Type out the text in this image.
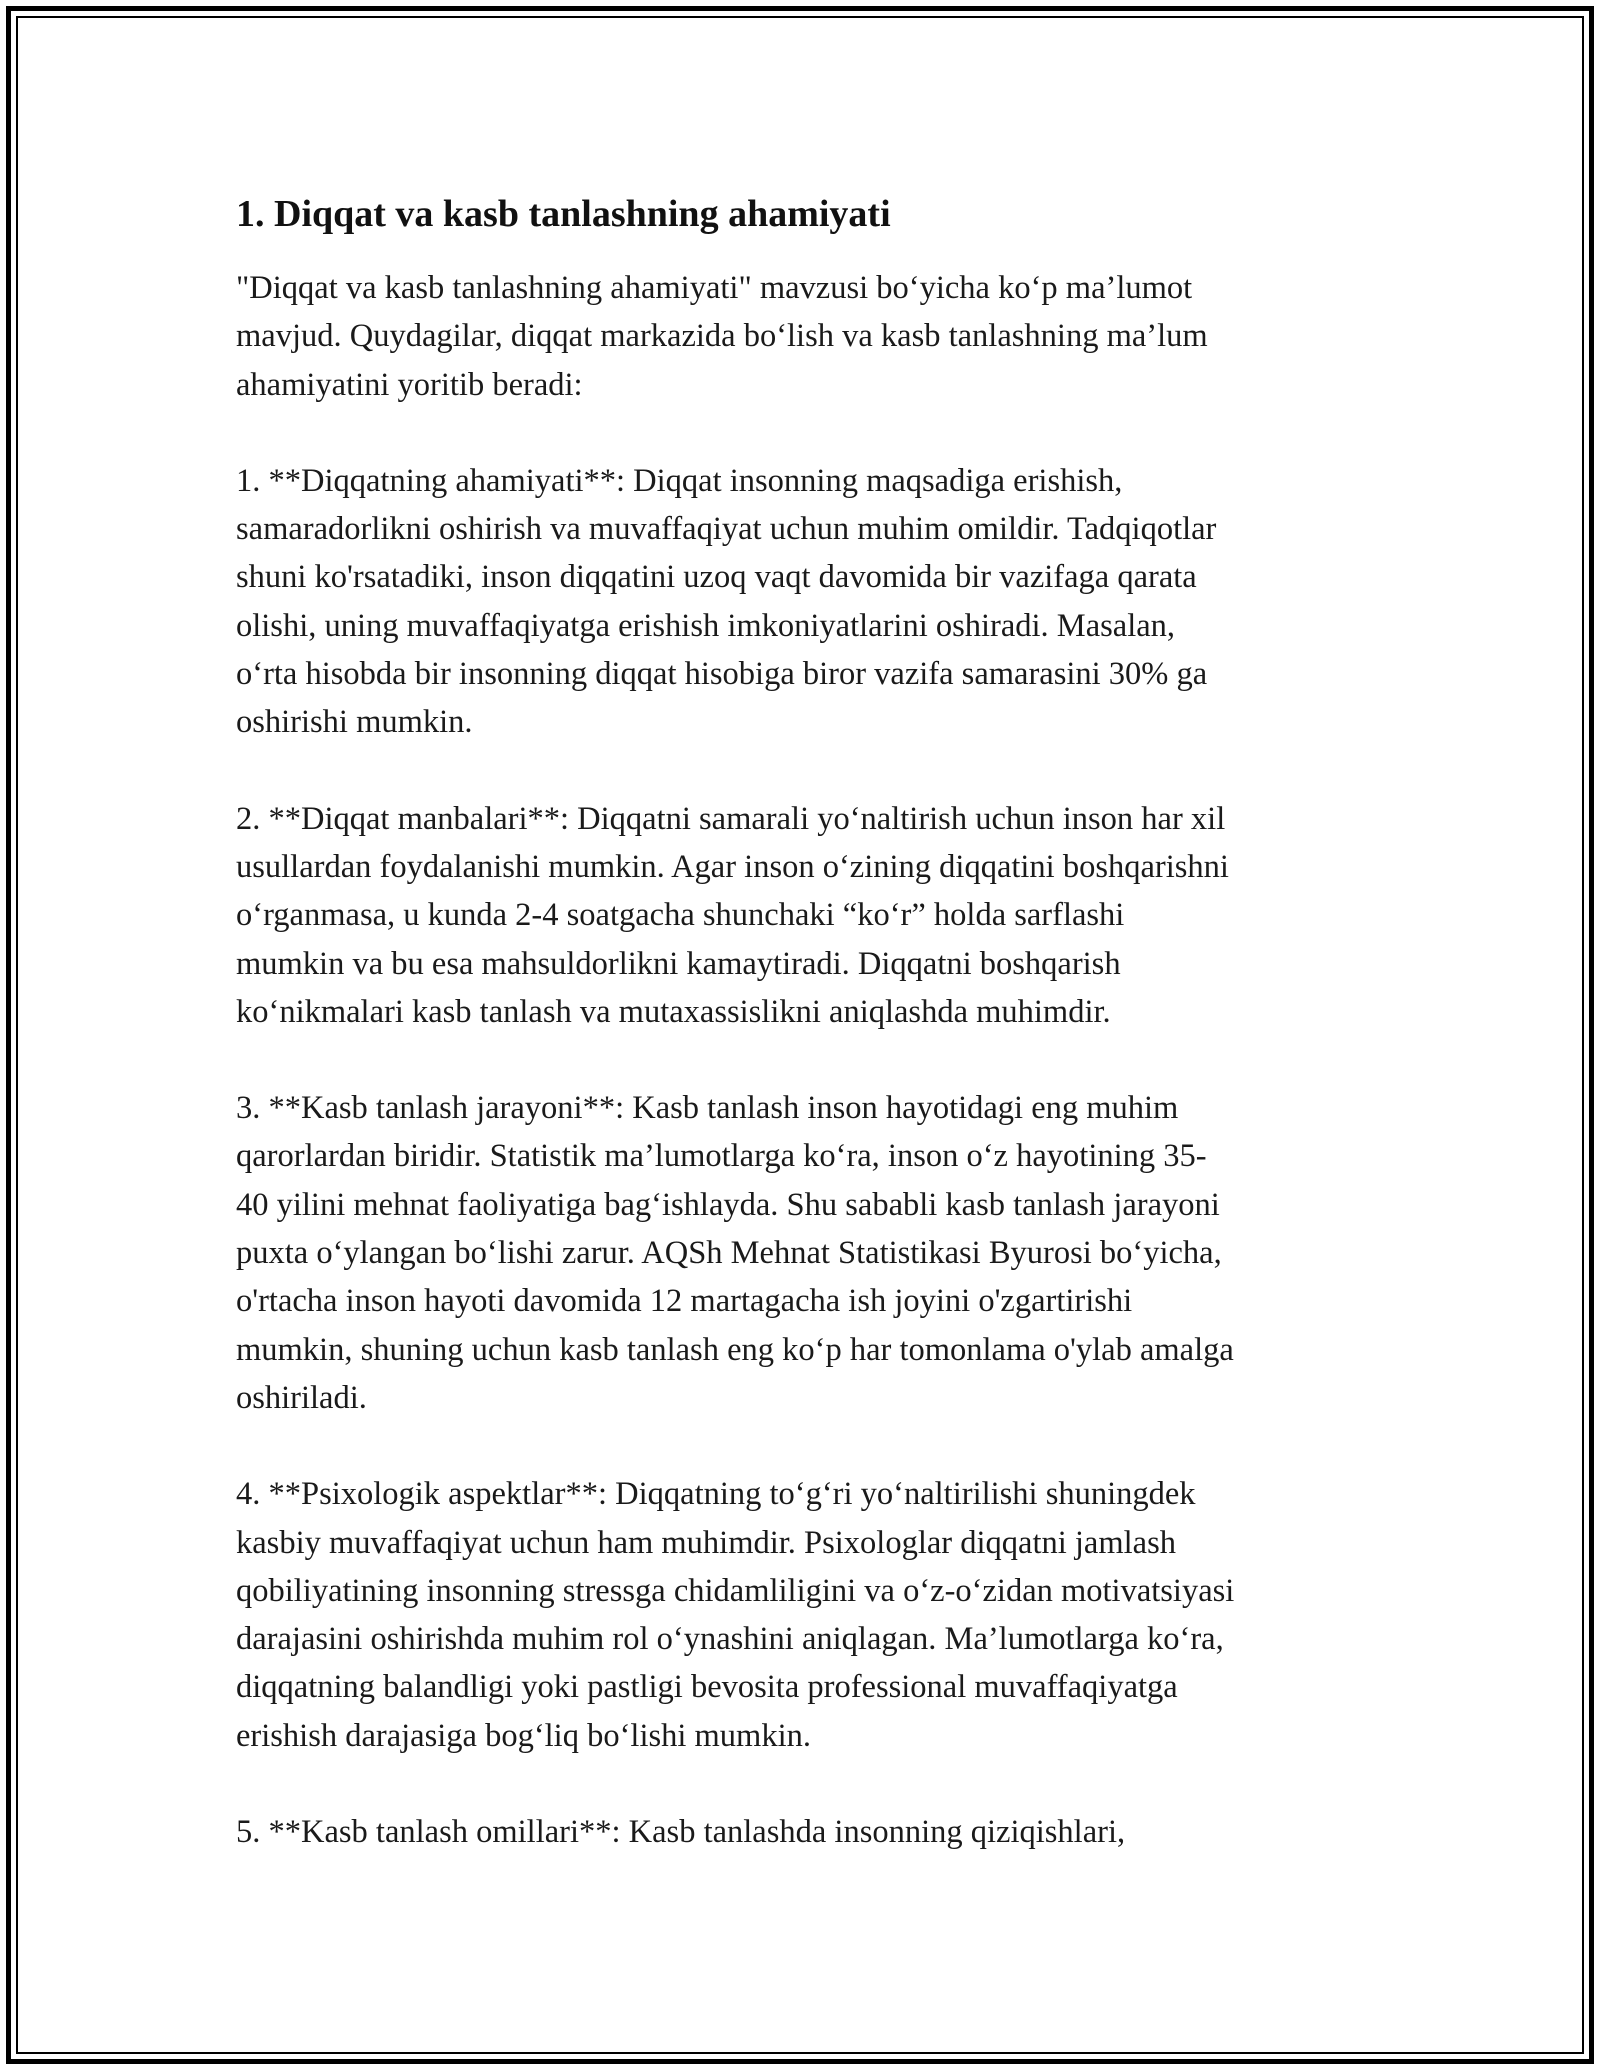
1. Diqqat va kasb tanlashning ahamiyati

"Diqqat va kasb tanlashning ahamiyati" mavzusi bo‘yicha ko‘p ma’lumot
mavjud. Quydagilar, diqqat markazida bo‘lish va kasb tanlashning ma’lum
ahamiyatini yoritib beradi:

1. **Diqqatning ahamiyati**: Diqqat insonning maqsadiga erishish,
samaradorlikni oshirish va muvaffaqiyat uchun muhim omildir. Tadqiqotlar
shuni ko'rsatadiki, inson diqqatini uzoq vaqt davomida bir vazifaga qarata
olishi, uning muvaffaqiyatga erishish imkoniyatlarini oshiradi. Masalan,
o‘rta hisobda bir insonning diqqat hisobiga biror vazifa samarasini 30% ga
oshirishi mumkin.

2. **Diqqat manbalari**: Diqqatni samarali yo‘naltirish uchun inson har xil
usullardan foydalanishi mumkin. Agar inson o‘zining diqqatini boshqarishni
o‘rganmasa, u kunda 2-4 soatgacha shunchaki “ko‘r” holda sarflashi
mumkin va bu esa mahsuldorlikni kamaytiradi. Diqqatni boshqarish
ko‘nikmalari kasb tanlash va mutaxassislikni aniqlashda muhimdir.

3. **Kasb tanlash jarayoni**: Kasb tanlash inson hayotidagi eng muhim
qarorlardan biridir. Statistik ma’lumotlarga ko‘ra, inson o‘z hayotining 35-
40 yilini mehnat faoliyatiga bag‘ishlayda. Shu sababli kasb tanlash jarayoni
puxta o‘ylangan bo‘lishi zarur. AQSh Mehnat Statistikasi Byurosi bo‘yicha,
o'rtacha inson hayoti davomida 12 martagacha ish joyini o'zgartirishi
mumkin, shuning uchun kasb tanlash eng ko‘p har tomonlama o'ylab amalga
oshiriladi.

4. **Psixologik aspektlar**: Diqqatning to‘g‘ri yo‘naltirilishi shuningdek
kasbiy muvaffaqiyat uchun ham muhimdir. Psixologlar diqqatni jamlash
qobiliyatining insonning stressga chidamliligini va o‘z-o‘zidan motivatsiyasi
darajasini oshirishda muhim rol o‘ynashini aniqlagan. Ma’lumotlarga ko‘ra,
diqqatning balandligi yoki pastligi bevosita professional muvaffaqiyatga
erishish darajasiga bog‘liq bo‘lishi mumkin.

5. **Kasb tanlash omillari**: Kasb tanlashda insonning qiziqishlari,
